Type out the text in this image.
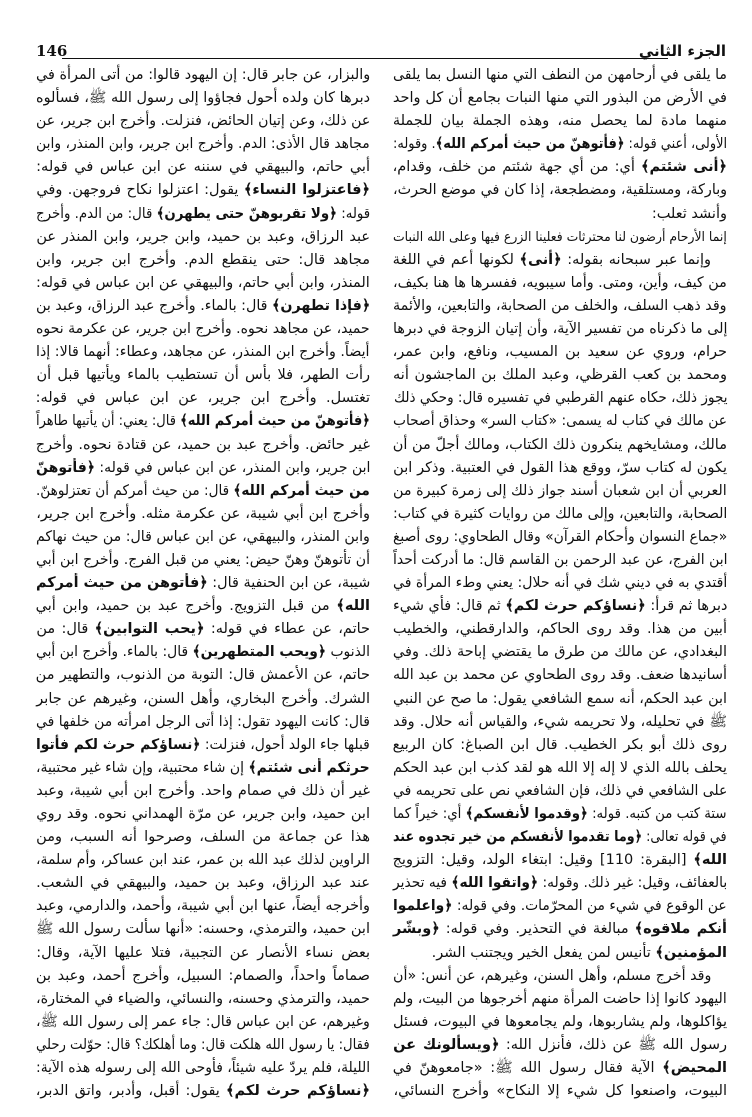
الجزء الثاني
146
ما يلقى في أرحامهن من النطف التي منها النسل بما يلقى
في الأرض من البذور التي منها النبات بجامع أن كل واحد
منهما مادة لما يحصل منه، وهذه الجملة بيان للجملة
الأولى، أعني قوله: ﴿فأتوهنّ من حيث أمركم الله﴾. وقوله:
﴿أنى شئتم﴾ أي: من أي جهة شئتم من خلف، وقدام،
وباركة، ومستلقية، ومضطجعة، إذا كان في موضع الحرث،
وأنشد ثعلب:
إنما الأرحام أرضون لنا محترثات فعلينا الزرع فيها وعلى الله النبات
وإنما عبر سبحانه بقوله: ﴿أنى﴾ لكونها أعم في اللغة
من كيف، وأين، ومتى. وأما سيبويه، ففسرها ها هنا بكيف،
وقد ذهب السلف، والخلف من الصحابة، والتابعين، والأئمة
إلى ما ذكرناه من تفسير الآية، وأن إتيان الزوجة في دبرها
حرام، وروي عن سعيد بن المسيب، ونافع، وابن عمر،
ومحمد بن كعب القرظي، وعبد الملك بن الماجشون أنه
يجوز ذلك، حكاه عنهم القرطبي في تفسيره قال: وحكي ذلك
عن مالك في كتاب له يسمى: «كتاب السر» وحذاق أصحاب
مالك، ومشايخهم ينكرون ذلك الكتاب، ومالك أجلّ من أن
يكون له كتاب سرّ، ووقع هذا القول في العتبية. وذكر ابن
العربي أن ابن شعبان أسند جواز ذلك إلى زمرة كبيرة من
الصحابة، والتابعين، وإلى مالك من روايات كثيرة في كتاب:
«جماع النسوان وأحكام القرآن» وقال الطحاوي: روى أصبغ
ابن الفرج، عن عبد الرحمن بن القاسم قال: ما أدركت أحداً
أقتدي به في ديني شك في أنه حلال: يعني وطء المرأة في
دبرها ثم قرأ: ﴿نساؤكم حرث لكم﴾ ثم قال: فأي شيء
أبين من هذا. وقد روى الحاكم، والدارقطني، والخطيب
البغدادي، عن مالك من طرق ما يقتضي إباحة ذلك. وفي
أسانيدها ضعف. وقد روى الطحاوي عن محمد بن عبد الله
ابن عبد الحكم، أنه سمع الشافعي يقول: ما صح عن النبي
ﷺ في تحليله، ولا تحريمه شيء، والقياس أنه حلال. وقد
روى ذلك أبو بكر الخطيب. قال ابن الصباغ: كان الربيع
يحلف بالله الذي لا إله إلا الله هو لقد كذب ابن عبد الحكم
على الشافعي في ذلك، فإن الشافعي نص على تحريمه في
ستة كتب من كتبه. قوله: ﴿وقدموا لأنفسكم﴾ أي: خيراً كما
في قوله تعالى: ﴿وما تقدموا لأنفسكم من خير تجدوه عند
الله﴾ [البقرة: 110] وقيل: ابتغاء الولد، وقيل: التزويج
بالعفائف، وقيل: غير ذلك. وقوله: ﴿واتقوا الله﴾ فيه تحذير
عن الوقوع في شيء من المحرّمات. وفي قوله: ﴿واعلموا
أنكم ملاقوه﴾ مبالغة في التحذير. وفي قوله: ﴿وبشّر
المؤمنين﴾ تأنيس لمن يفعل الخير ويجتنب الشر.
وقد أخرج مسلم، وأهل السنن، وغيرهم، عن أنس: «أن
اليهود كانوا إذا حاضت المرأة منهم أخرجوها من البيت، ولم
يؤاكلوها، ولم يشاربوها، ولم يجامعوها في البيوت، فسئل
رسول الله ﷺ عن ذلك، فأنزل الله: ﴿ويسألونك عن
المحيض﴾ الآية فقال رسول الله ﷺ: «جامعوهنّ في
البيوت، واصنعوا كل شيء إلا النكاح» وأخرج النسائي،
والبزار، عن جابر قال: إن اليهود قالوا: من أتى المرأة في
دبرها كان ولده أحول فجاؤوا إلى رسول الله ﷺ، فسألوه
عن ذلك، وعن إتيان الحائض، فنزلت. وأخرج ابن جرير، عن
مجاهد قال الأذى: الدم. وأخرج ابن جرير، وابن المنذر، وابن
أبي حاتم، والبيهقي في سننه عن ابن عباس في قوله:
﴿فاعتزلوا النساء﴾ يقول: اعتزلوا نكاح فروجهن. وفي
قوله: ﴿ولا تقربوهنّ حتى يطهرن﴾ قال: من الدم. وأخرج
عبد الرزاق، وعبد بن حميد، وابن جرير، وابن المنذر عن
مجاهد قال: حتى ينقطع الدم. وأخرج ابن جرير، وابن
المنذر، وابن أبي حاتم، والبيهقي عن ابن عباس في قوله:
﴿فإذا تطهرن﴾ قال: بالماء. وأخرج عبد الرزاق، وعبد بن
حميد، عن مجاهد نحوه. وأخرج ابن جرير، عن عكرمة نحوه
أيضاً. وأخرج ابن المنذر، عن مجاهد، وعطاء: أنهما قالا: إذا
رأت الطهر، فلا بأس أن تستطيب بالماء ويأتيها قبل أن
تغتسل. وأخرج ابن جرير، عن ابن عباس في قوله:
﴿فأتوهنّ من حيث أمركم الله﴾ قال: يعني: أن يأتيها طاهراً
غير حائض. وأخرج عبد بن حميد، عن قتادة نحوه. وأخرج
ابن جرير، وابن المنذر، عن ابن عباس في قوله: ﴿فأتوهنّ
من حيث أمركم الله﴾ قال: من حيث أمركم أن تعتزلوهنّ.
وأخرج ابن أبي شيبة، عن عكرمة مثله. وأخرج ابن جرير،
وابن المنذر، والبيهقي، عن ابن عباس قال: من حيث نهاكم
أن تأتوهنّ وهنّ حيض: يعني من قبل الفرج. وأخرج ابن أبي
شيبة، عن ابن الحنفية قال: ﴿فأتوهن من حيث أمركم
الله﴾ من قبل التزويج. وأخرج عبد بن حميد، وابن أبي
حاتم، عن عطاء في قوله: ﴿يحب التوابين﴾ قال: من
الذنوب ﴿ويحب المتطهرين﴾ قال: بالماء. وأخرج ابن أبي
حاتم، عن الأعمش قال: التوبة من الذنوب، والتطهير من
الشرك. وأخرج البخاري، وأهل السنن، وغيرهم عن جابر
قال: كانت اليهود تقول: إذا أتى الرجل امرأته من خلفها في
قبلها جاء الولد أحول، فنزلت: ﴿نساؤكم حرث لكم فأتوا
حرثكم أنى شئتم﴾ إن شاء محتبية، وإن شاء غير محتبية،
غير أن ذلك في صمام واحد. وأخرج ابن أبي شيبة، وعبد
ابن حميد، وابن جرير، عن مرّة الهمداني نحوه. وقد روي
هذا عن جماعة من السلف، وصرحوا أنه السبب، ومن
الراوين لذلك عبد الله بن عمر، عند ابن عساكر، وأم سلمة،
عند عبد الرزاق، وعبد بن حميد، والبيهقي في الشعب.
وأخرجه أيضاً، عنها ابن أبي شيبة، وأحمد، والدارمي، وعبد
ابن حميد، والترمذي، وحسنه: «أنها سألت رسول الله ﷺ
بعض نساء الأنصار عن التجبية، فتلا عليها الآية، وقال:
صماماً واحداً، والصمام: السبيل، وأخرج أحمد، وعبد بن
حميد، والترمذي وحسنه، والنسائي، والضياء في المختارة،
وغيرهم، عن ابن عباس قال: جاء عمر إلى رسول الله ﷺ،
فقال: يا رسول الله هلكت قال: وما أهلكك؟ قال: حوّلت رحلي
الليلة، فلم يردّ عليه شيئاً، فأوحى الله إلى رسوله هذه الآية:
﴿نساؤكم حرث لكم﴾ يقول: أقبل، وأدبر، واتق الدبر،
